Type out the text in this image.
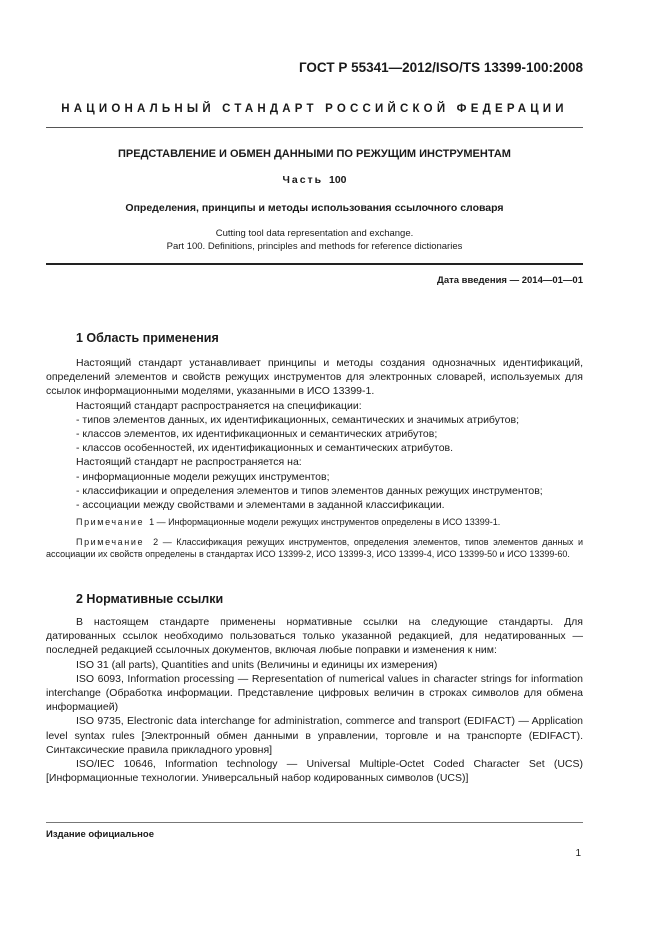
ГОСТ Р 55341—2012/ISO/TS 13399-100:2008
НАЦИОНАЛЬНЫЙ СТАНДАРТ РОССИЙСКОЙ ФЕДЕРАЦИИ
ПРЕДСТАВЛЕНИЕ И ОБМЕН ДАННЫМИ ПО РЕЖУЩИМ ИНСТРУМЕНТАМ
Часть 100
Определения, принципы и методы использования ссылочного словаря
Cutting tool data representation and exchange.
Part 100. Definitions, principles and methods for reference dictionaries
Дата введения — 2014—01—01
1 Область применения

Настоящий стандарт устанавливает принципы и методы создания однозначных идентификаций, определений элементов и свойств режущих инструментов для электронных словарей, используемых для ссылок информационными моделями, указанными в ИСО 13399-1.

Настоящий стандарт распространяется на спецификации:

- типов элементов данных, их идентификационных, семантических и значимых атрибутов;

- классов элементов, их идентификационных и семантических атрибутов;

- классов особенностей, их идентификационных и семантических атрибутов.

Настоящий стандарт не распространяется на:

- информационные модели режущих инструментов;

- классификации и определения элементов и типов элементов данных режущих инструментов;

- ассоциации между свойствами и элементами в заданной классификации.

Примечание 1 — Информационные модели режущих инструментов определены в ИСО 13399-1.

Примечание 2 — Классификация режущих инструментов, определения элементов, типов элементов данных и ассоциации их свойств определены в стандартах ИСО 13399-2, ИСО 13399-3, ИСО 13399-4, ИСО 13399-50 и ИСО 13399-60.

2 Нормативные ссылки

В настоящем стандарте применены нормативные ссылки на следующие стандарты. Для датированных ссылок необходимо пользоваться только указанной редакцией, для недатированных — последней редакцией ссылочных документов, включая любые поправки и изменения к ним:

ISO 31 (all parts), Quantities and units (Величины и единицы их измерения)

ISO 6093, Information processing — Representation of numerical values in character strings for information interchange (Обработка информации. Представление цифровых величин в строках символов для обмена информацией)

ISO 9735, Electronic data interchange for administration, commerce and transport (EDIFACT) — Application level syntax rules [Электронный обмен данными в управлении, торговле и на транспорте (EDIFACT). Синтаксические правила прикладного уровня]

ISO/IEC 10646, Information technology — Universal Multiple-Octet Coded Character Set (UCS) [Информационные технологии. Универсальный набор кодированных символов (UCS)]

Издание официальное
1
